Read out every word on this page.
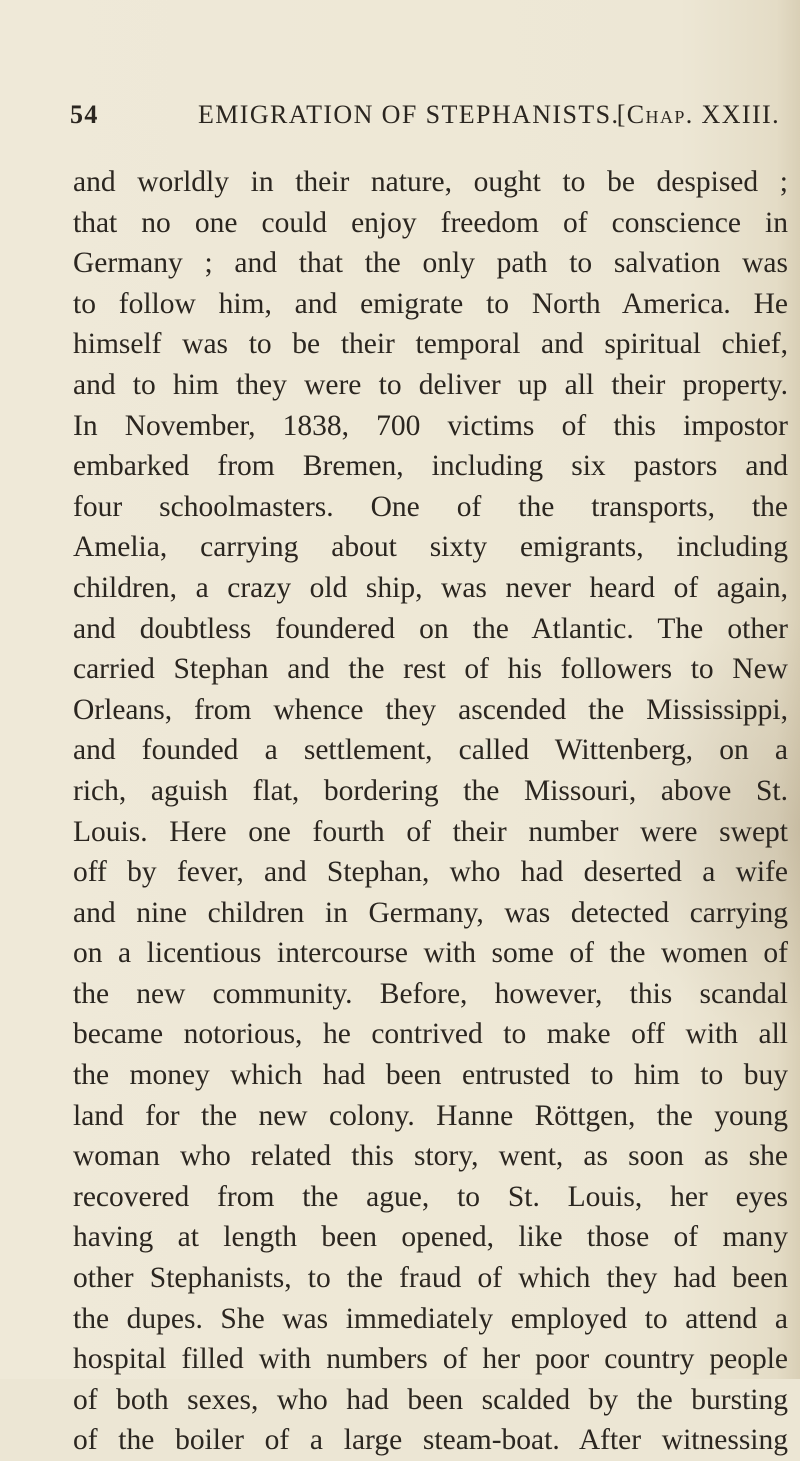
54	EMIGRATION OF STEPHANISTS.
[Chap. XXIII.
and worldly in their nature, ought to be despised ;
that no one could enjoy freedom of conscience in
Germany ; and that the only path to salvation was
to follow him, and emigrate to North America. He
himself was to be their temporal and spiritual chief,
and to him they were to deliver up all their property.
In November, 1838, 700 victims of this impostor
embarked from Bremen, including six pastors and
four schoolmasters. One of the transports, the
Amelia, carrying about sixty emigrants, including
children, a crazy old ship, was never heard of again,
and doubtless foundered on the Atlantic. The other
carried Stephan and the rest of his followers to New
Orleans, from whence they ascended the Mississippi,
and founded a settlement, called Wittenberg, on a
rich, aguish flat, bordering the Missouri, above St.
Louis. Here one fourth of their number were swept
off by fever, and Stephan, who had deserted a wife
and nine children in Germany, was detected carrying
on a licentious intercourse with some of the women of
the new community. Before, however, this scandal
became notorious, he contrived to make off with all
the money which had been entrusted to him to buy
land for the new colony. Hanne Röttgen, the young
woman who related this story, went, as soon as she
recovered from the ague, to St. Louis, her eyes
having at length been opened, like those of many
other Stephanists, to the fraud of which they had been
the dupes. She was immediately employed to attend a
hospital filled with numbers of her poor country people
of both sexes, who had been scalded by the bursting
of the boiler of a large steam-boat. After witnessing
